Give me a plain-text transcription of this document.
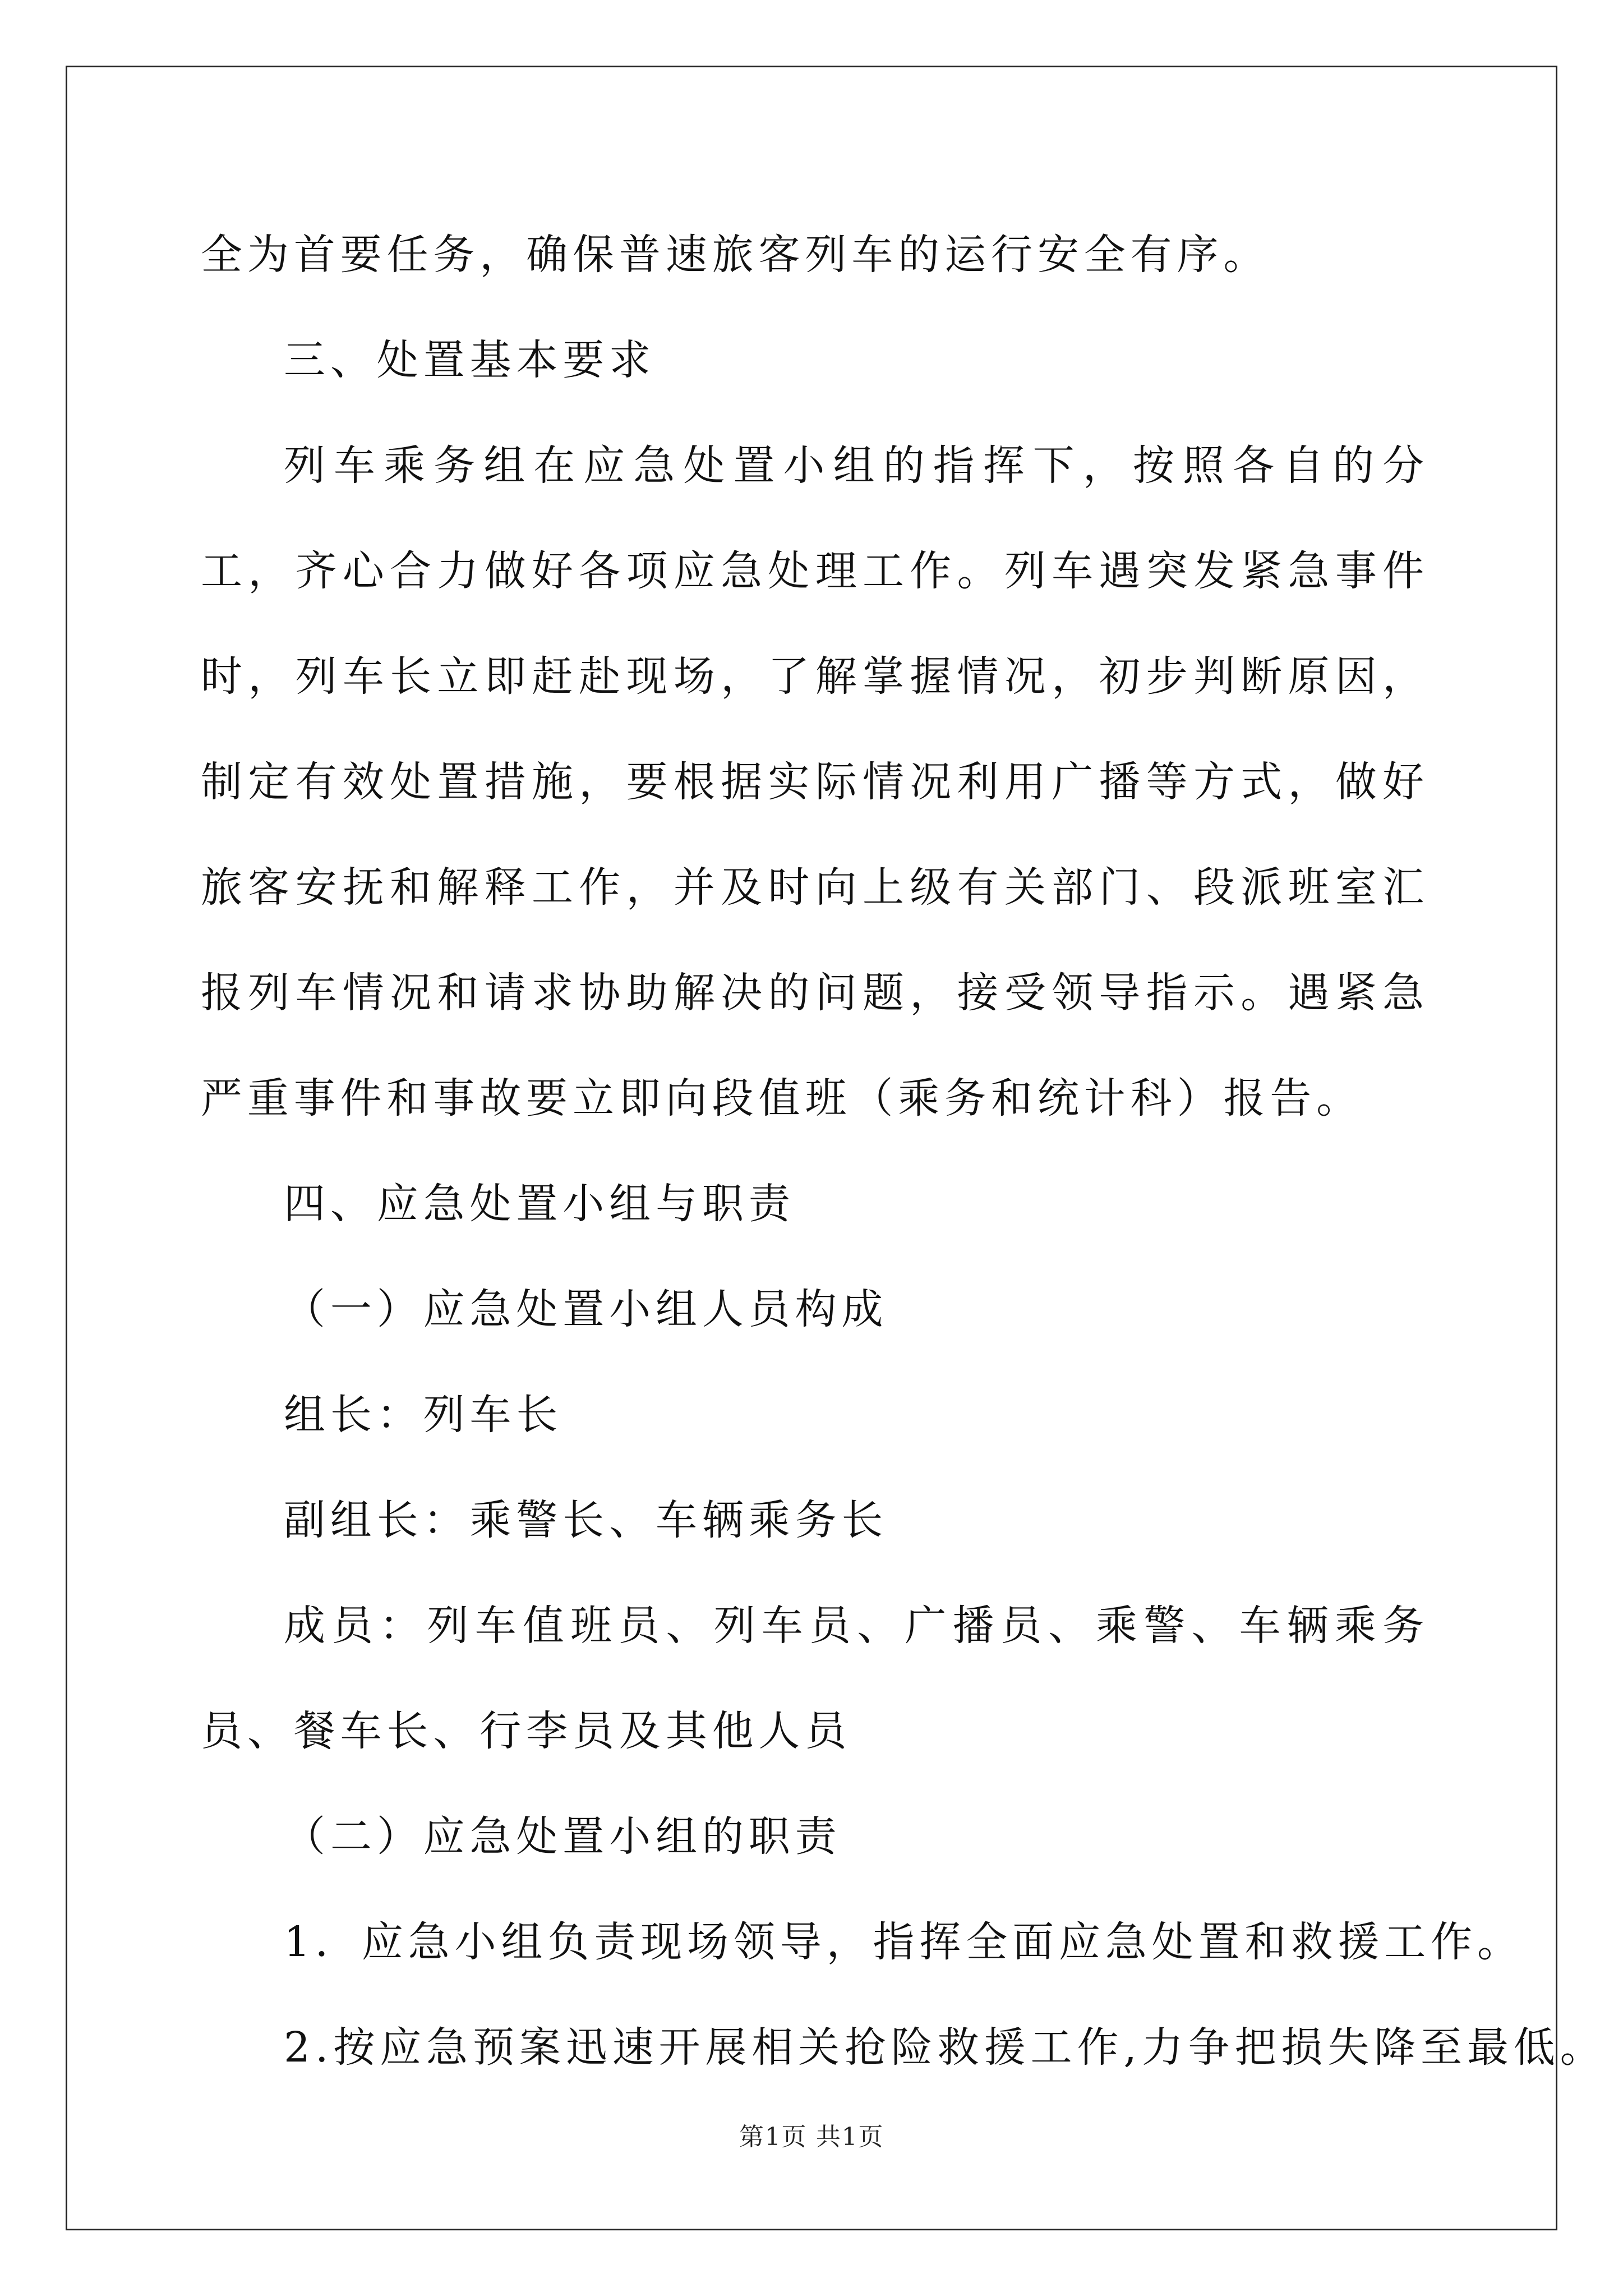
全为首要任务，确保普速旅客列车的运行安全有序。

三、处置基本要求

列车乘务组在应急处置小组的指挥下，按照各自的分工，齐心合力做好各项应急处理工作。列车遇突发紧急事件时，列车长立即赶赴现场，了解掌握情况，初步判断原因，制定有效处置措施，要根据实际情况利用广播等方式，做好旅客安抚和解释工作，并及时向上级有关部门、段派班室汇报列车情况和请求协助解决的问题，接受领导指示。遇紧急严重事件和事故要立即向段值班（乘务和统计科）报告。

四、应急处置小组与职责

（一）应急处置小组人员构成

组长：列车长

副组长：乘警长、车辆乘务长

成员：列车值班员、列车员、广播员、乘警、车辆乘务员、餐车长、行李员及其他人员

（二）应急处置小组的职责

1．应急小组负责现场领导，指挥全面应急处置和救援工作。

2.按应急预案迅速开展相关抢险救援工作,力争把损失降至最低。

第1页 共1页
